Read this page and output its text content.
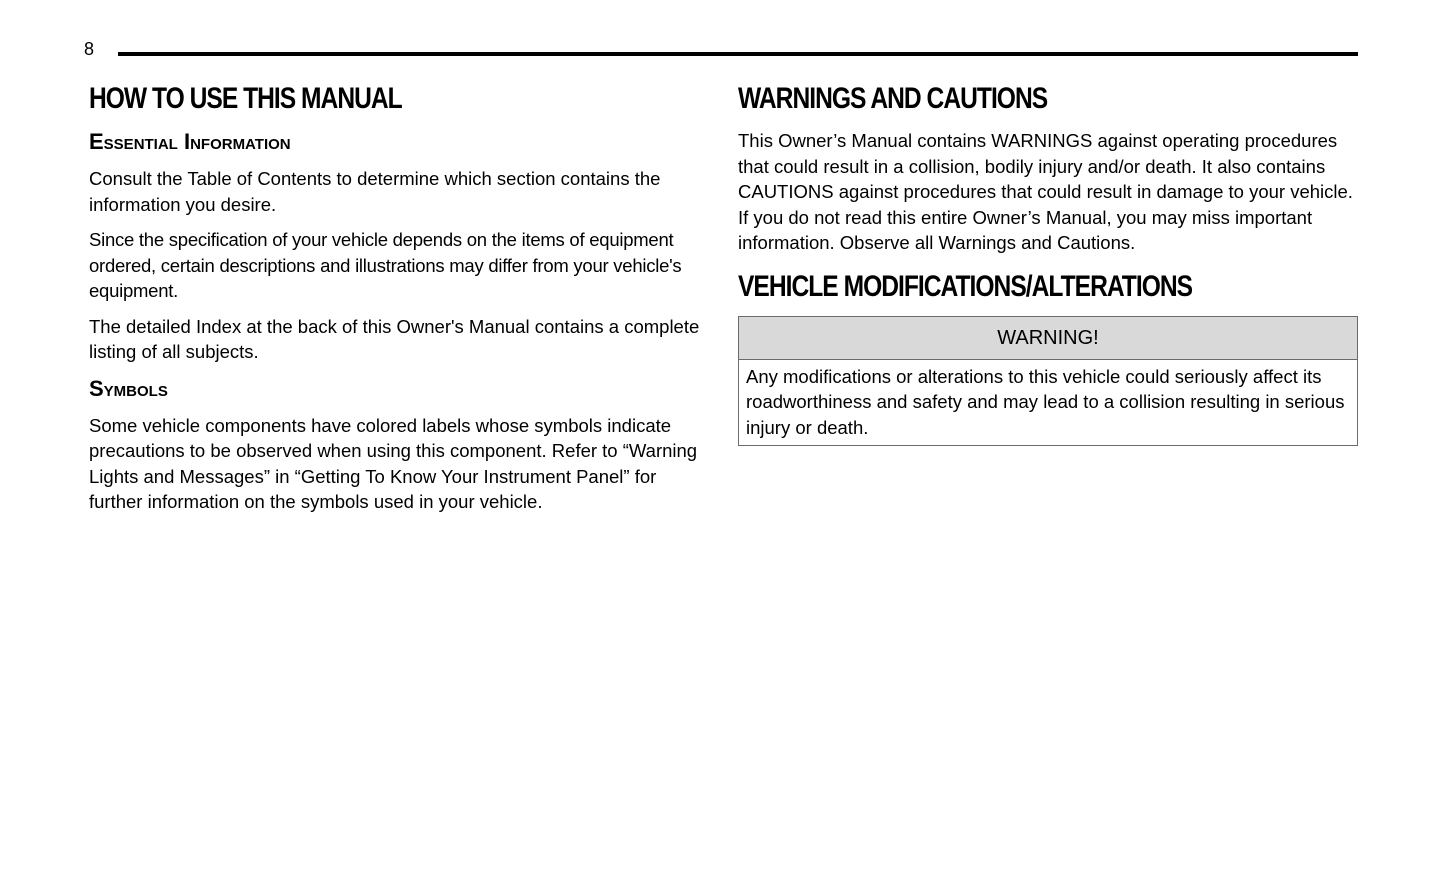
8
HOW TO USE THIS MANUAL
Essential Information

Consult the Table of Contents to determine which section contains the information you desire.

Since the specification of your vehicle depends on the items of equipment ordered, certain descriptions and illustrations may differ from your vehicle's equipment.

The detailed Index at the back of this Owner's Manual contains a complete listing of all subjects.

Symbols

Some vehicle components have colored labels whose symbols indicate precautions to be observed when using this component. Refer to “Warning Lights and Messages” in “Getting To Know Your Instrument Panel” for further information on the symbols used in your vehicle.

WARNINGS AND CAUTIONS

This Owner’s Manual contains WARNINGS against operating procedures that could result in a collision, bodily injury and/or death. It also contains CAUTIONS against procedures that could result in damage to your vehicle. If you do not read this entire Owner’s Manual, you may miss important information. Observe all Warnings and Cautions.

VEHICLE MODIFICATIONS/ALTERATIONS
WARNING!
Any modifications or alterations to this vehicle could seriously affect its roadworthiness and safety and may lead to a collision resulting in serious injury or death.
